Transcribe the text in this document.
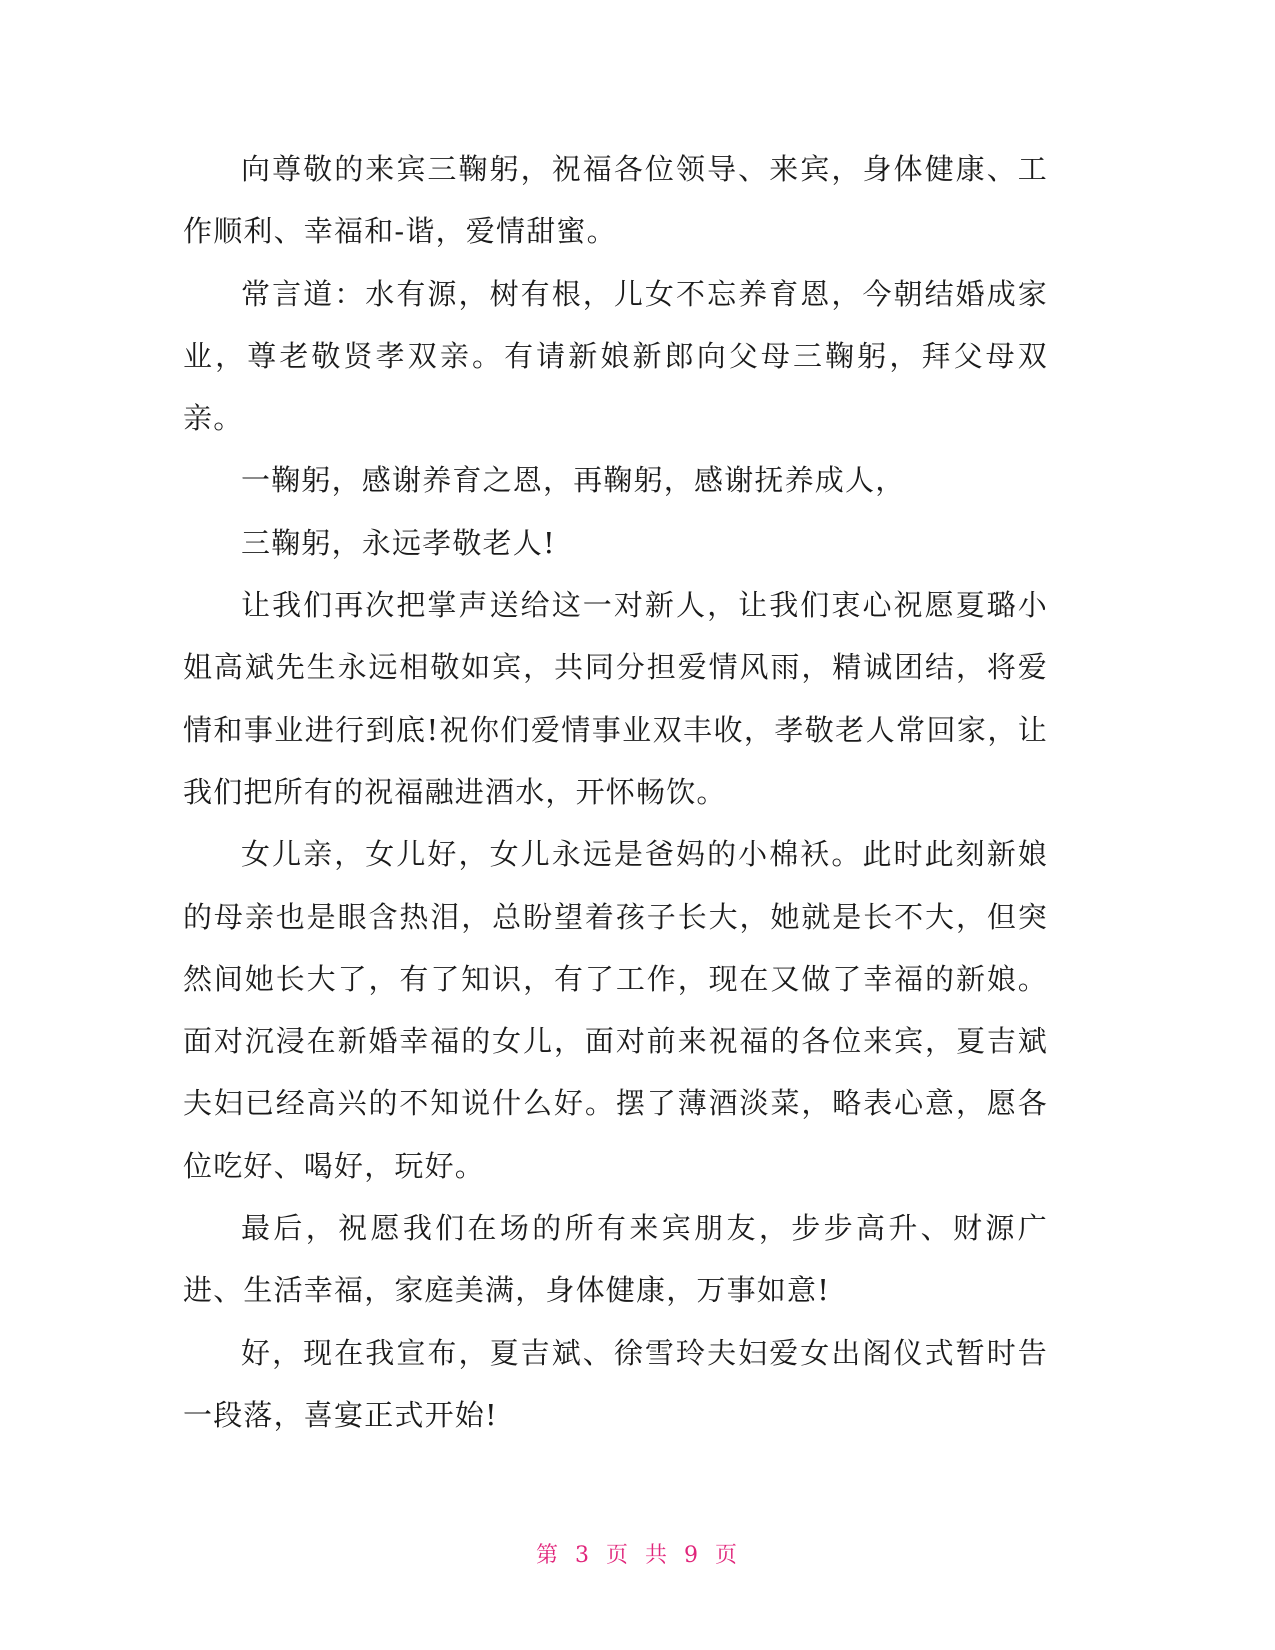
向尊敬的来宾三鞠躬，祝福各位领导、来宾，身体健康、工作顺利、幸福和-谐，爱情甜蜜。

常言道：水有源，树有根，儿女不忘养育恩，今朝结婚成家业，尊老敬贤孝双亲。有请新娘新郎向父母三鞠躬，拜父母双亲。

一鞠躬，感谢养育之恩，再鞠躬，感谢抚养成人，

三鞠躬，永远孝敬老人!

让我们再次把掌声送给这一对新人，让我们衷心祝愿夏璐小姐高斌先生永远相敬如宾，共同分担爱情风雨，精诚团结，将爱情和事业进行到底!祝你们爱情事业双丰收，孝敬老人常回家，让我们把所有的祝福融进酒水，开怀畅饮。

女儿亲，女儿好，女儿永远是爸妈的小棉袄。此时此刻新娘的母亲也是眼含热泪，总盼望着孩子长大，她就是长不大，但突然间她长大了，有了知识，有了工作，现在又做了幸福的新娘。面对沉浸在新婚幸福的女儿，面对前来祝福的各位来宾，夏吉斌夫妇已经高兴的不知说什么好。摆了薄酒淡菜，略表心意，愿各位吃好、喝好，玩好。

最后，祝愿我们在场的所有来宾朋友，步步高升、财源广进、生活幸福，家庭美满，身体健康，万事如意!

好，现在我宣布，夏吉斌、徐雪玲夫妇爱女出阁仪式暂时告一段落，喜宴正式开始!

第 3 页 共 9 页
